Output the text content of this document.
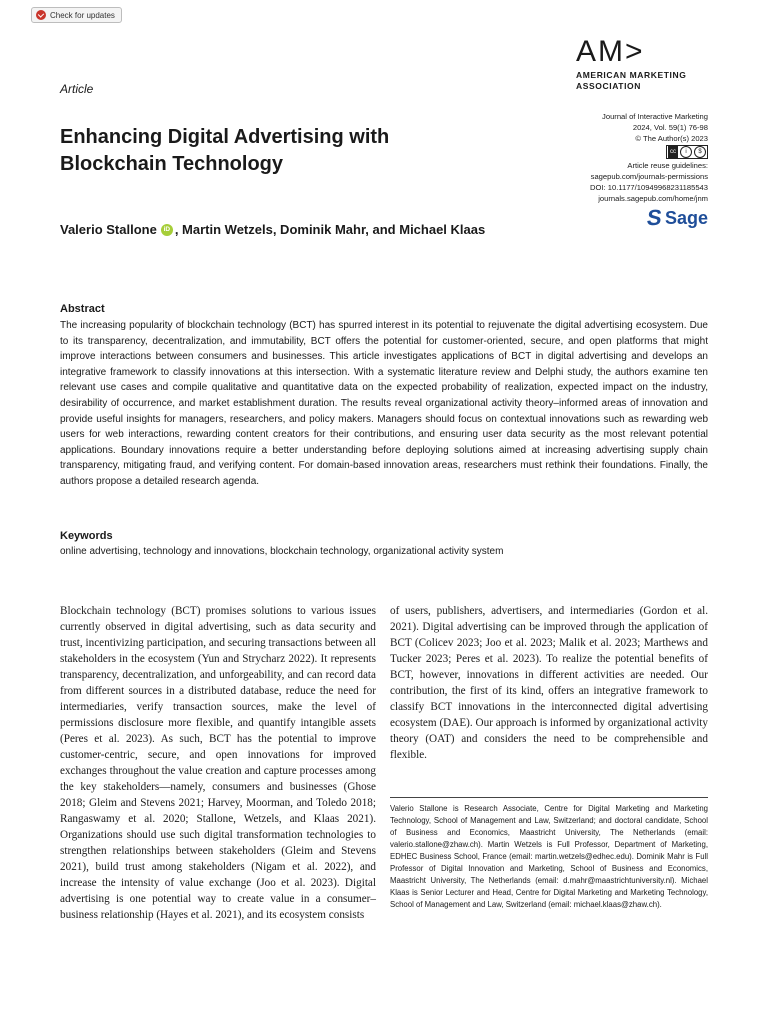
Check for updates
AM>
AMERICAN MARKETING
ASSOCIATION
Article
Enhancing Digital Advertising with Blockchain Technology
Journal of Interactive Marketing
2024, Vol. 59(1) 76-98
© The Author(s) 2023
cc	i	$
Article reuse guidelines:
sagepub.com/journals-permissions
DOI: 10.1177/10949968231185543
journals.sagepub.com/home/jnm
S Sage
Valerio Stallone	iD , Martin Wetzels, Dominik Mahr, and Michael Klaas
Abstract

The increasing popularity of blockchain technology (BCT) has spurred interest in its potential to rejuvenate the digital advertising ecosystem. Due to its transparency, decentralization, and immutability, BCT offers the potential for customer-oriented, secure, and open platforms that might improve interactions between consumers and businesses. This article investigates applications of BCT in digital advertising and develops an integrative framework to classify innovations at this intersection. With a systematic literature review and Delphi study, the authors examine ten relevant use cases and compile qualitative and quantitative data on the expected probability of realization, expected impact on the industry, desirability of occurrence, and market establishment duration. The results reveal organizational activity theory–informed areas of innovation and provide useful insights for managers, researchers, and policy makers. Managers should focus on contextual innovations such as rewarding web users for web interactions, rewarding content creators for their contributions, and ensuring user data security as the most relevant potential applications. Boundary innovations require a better understanding before deploying solutions aimed at increasing advertising supply chain transparency, mitigating fraud, and verifying content. For domain-based innovation areas, researchers must rethink their foundations. Finally, the authors propose a detailed research agenda.

Keywords
online advertising, technology and innovations, blockchain technology, organizational activity system

Blockchain technology (BCT) promises solutions to various issues currently observed in digital advertising, such as data security and trust, incentivizing participation, and securing transactions between all stakeholders in the ecosystem (Yun and Strycharz 2022). It represents transparency, decentralization, and unforgeability, and can record data from different sources in a distributed database, reduce the need for intermediaries, verify transaction sources, make the level of permissions disclosure more flexible, and quantify intangible assets (Peres et al. 2023). As such, BCT has the potential to improve customer-centric, secure, and open innovations for improved exchanges throughout the value creation and capture processes among the key stakeholders—namely, consumers and businesses (Ghose 2018; Gleim and Stevens 2021; Harvey, Moorman, and Toledo 2018; Rangaswamy et al. 2020; Stallone, Wetzels, and Klaas 2021). Organizations should use such digital transformation technologies to strengthen relationships between stakeholders (Gleim and Stevens 2021), build trust among stakeholders (Nigam et al. 2022), and increase the intensity of value exchange (Joo et al. 2023). Digital advertising is one potential way to create value in a consumer–business relationship (Hayes et al. 2021), and its ecosystem consists

of users, publishers, advertisers, and intermediaries (Gordon et al. 2021). Digital advertising can be improved through the application of BCT (Colicev 2023; Joo et al. 2023; Malik et al. 2023; Marthews and Tucker 2023; Peres et al. 2023). To realize the potential benefits of BCT, however, innovations in different activities are needed. Our contribution, the first of its kind, offers an integrative framework to classify BCT innovations in the interconnected digital advertising ecosystem (DAE). Our approach is informed by organizational activity theory (OAT) and considers the need to be comprehensible and flexible.

Valerio Stallone is Research Associate, Centre for Digital Marketing and Marketing Technology, School of Management and Law, Switzerland; and doctoral candidate, School of Business and Economics, Maastricht University, The Netherlands (email: valerio.stallone@zhaw.ch). Martin Wetzels is Full Professor, Department of Marketing, EDHEC Business School, France (email: martin.wetzels@edhec.edu). Dominik Mahr is Full Professor of Digital Innovation and Marketing, School of Business and Economics, Maastricht University, The Netherlands (email: d.mahr@maastrichtuniversity.nl). Michael Klaas is Senior Lecturer and Head, Centre for Digital Marketing and Marketing Technology, School of Management and Law, Switzerland (email: michael.klaas@zhaw.ch).
